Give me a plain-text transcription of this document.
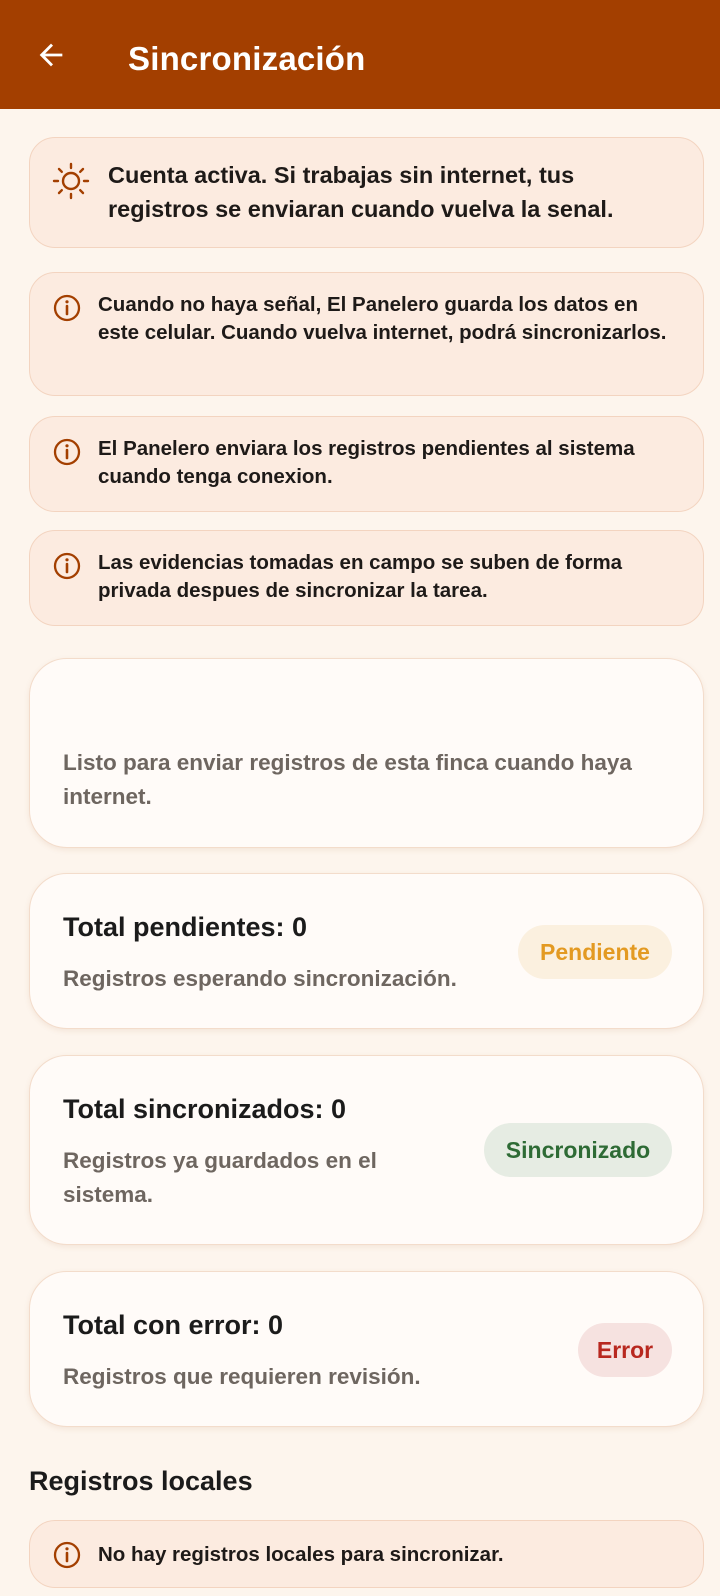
Sincronización
Cuenta activa. Si trabajas sin internet, tus registros se enviaran cuando vuelva la senal.
Cuando no haya señal, El Panelero guarda los datos en este celular. Cuando vuelva internet, podrá sincronizarlos.
El Panelero enviara los registros pendientes al sistema cuando tenga conexion.
Las evidencias tomadas en campo se suben de forma privada despues de sincronizar la tarea.
Listo para enviar registros de esta finca cuando haya internet.
Total pendientes: 0
Registros esperando sincronización.
Pendiente
Total sincronizados: 0
Registros ya guardados en el sistema.
Sincronizado
Total con error: 0
Registros que requieren revisión.
Error
Registros locales
No hay registros locales para sincronizar.
